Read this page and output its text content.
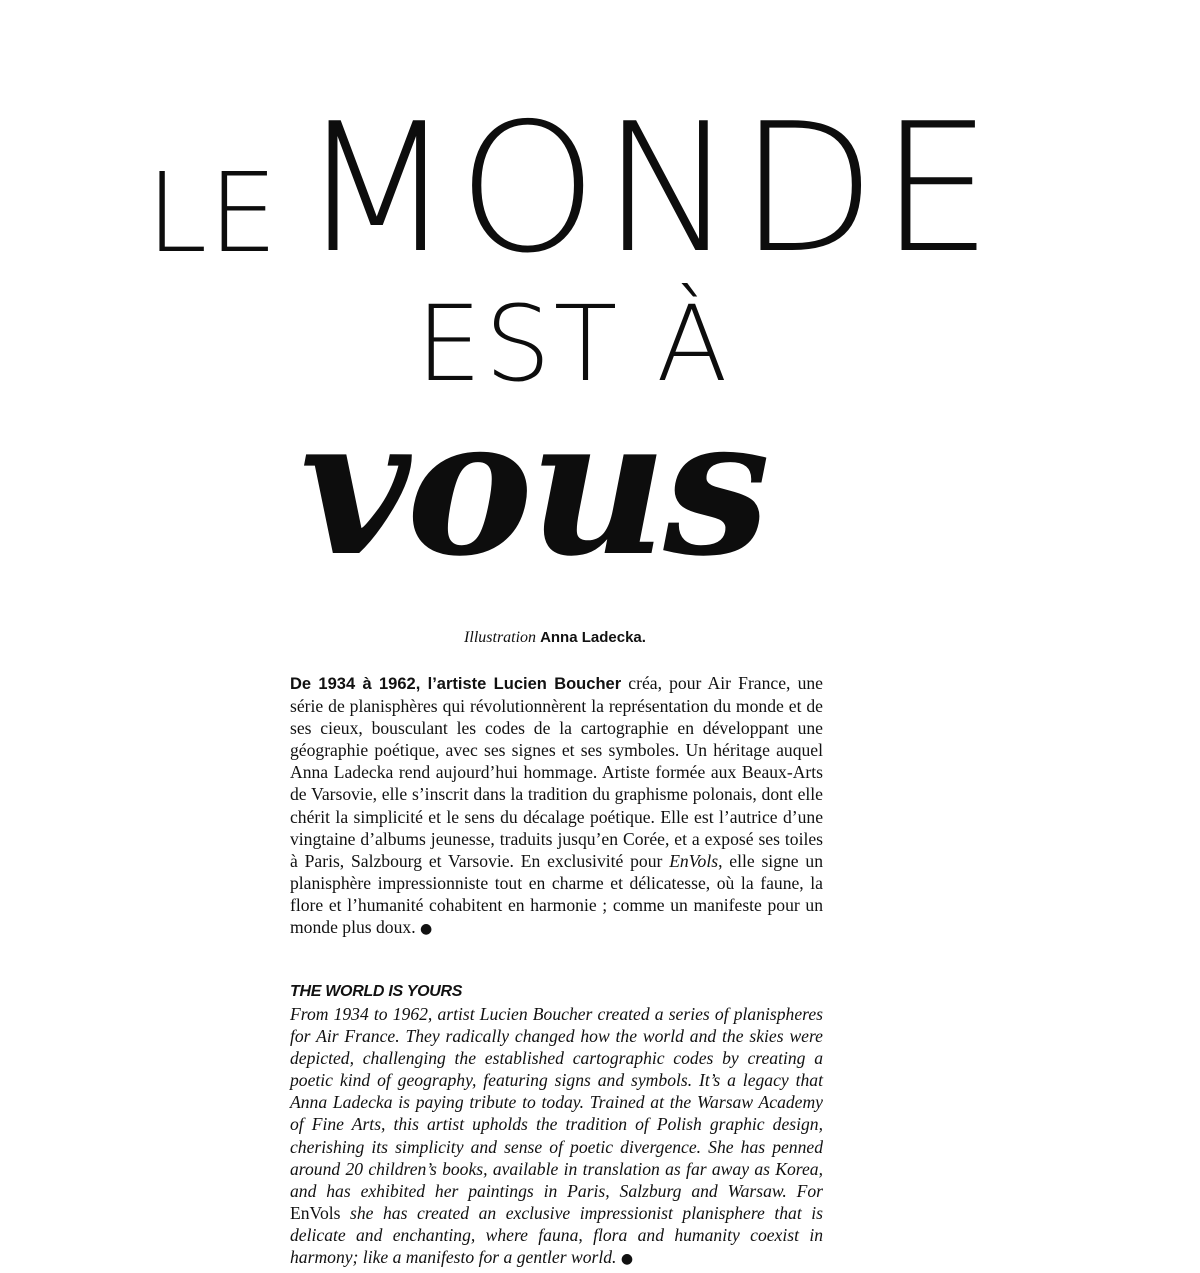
LE MONDE
EST À
vous

Illustration Anna Ladecka.

De 1934 à 1962, l’artiste Lucien Boucher créa, pour Air France, une série de planisphères qui révolutionnèrent la représentation du monde et de ses cieux, bousculant les codes de la cartographie en développant une géographie poétique, avec ses signes et ses symboles. Un héritage auquel Anna Ladecka rend aujourd’hui hommage. Artiste formée aux Beaux-Arts de Varsovie, elle s’inscrit dans la tradition du graphisme polonais, dont elle chérit la simplicité et le sens du décalage poétique. Elle est l’autrice d’une vingtaine d’albums jeunesse, traduits jusqu’en Corée, et a exposé ses toiles à Paris, Salzbourg et Varsovie. En exclusivité pour EnVols, elle signe un planisphère impressionniste tout en charme et délicatesse, où la faune, la flore et l’humanité cohabitent en harmonie ; comme un manifeste pour un monde plus doux. ●

THE WORLD IS YOURS

From 1934 to 1962, artist Lucien Boucher created a series of planispheres for Air France. They radically changed how the world and the skies were depicted, challenging the established cartographic codes by creating a poetic kind of geography, featuring signs and symbols. It’s a legacy that Anna Ladecka is paying tribute to today. Trained at the Warsaw Academy of Fine Arts, this artist upholds the tradition of Polish graphic design, cherishing its simplicity and sense of poetic divergence. She has penned around 20 children’s books, available in translation as far away as Korea, and has exhibited her paintings in Paris, Salzburg and Warsaw. For EnVols she has created an exclusive impressionist planisphere that is delicate and enchanting, where fauna, flora and humanity coexist in harmony; like a manifesto for a gentler world. ●
